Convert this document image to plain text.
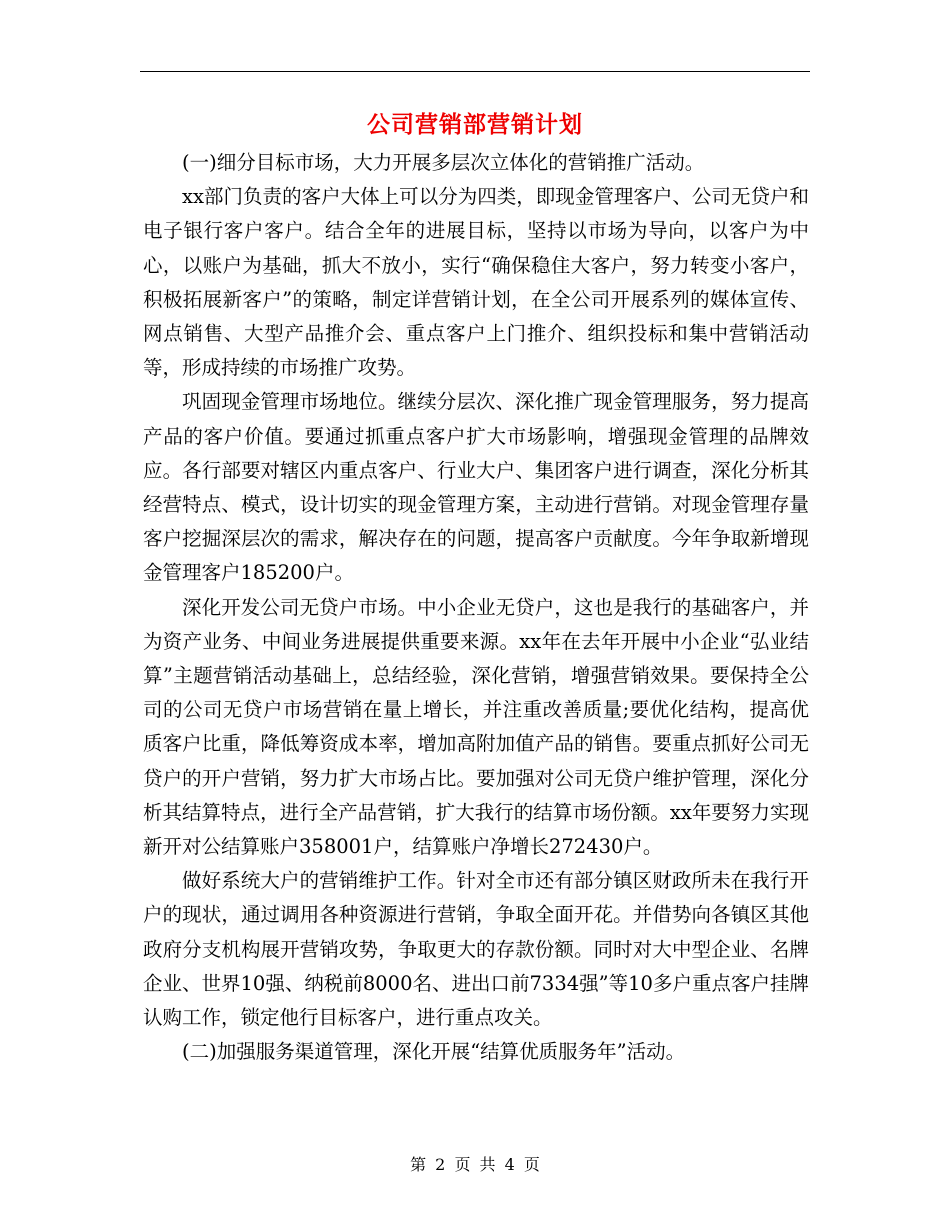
公司营销部营销计划

(一)细分目标市场，大力开展多层次立体化的营销推广活动。

xx部门负责的客户大体上可以分为四类，即现金管理客户、公司无贷户和电子银行客户客户。结合全年的进展目标，坚持以市场为导向，以客户为中心，以账户为基础，抓大不放小，实行“确保稳住大客户，努力转变小客户，积极拓展新客户”的策略，制定详营销计划，在全公司开展系列的媒体宣传、网点销售、大型产品推介会、重点客户上门推介、组织投标和集中营销活动等，形成持续的市场推广攻势。

巩固现金管理市场地位。继续分层次、深化推广现金管理服务，努力提高产品的客户价值。要通过抓重点客户扩大市场影响，增强现金管理的品牌效应。各行部要对辖区内重点客户、行业大户、集团客户进行调查，深化分析其经营特点、模式，设计切实的现金管理方案，主动进行营销。对现金管理存量客户挖掘深层次的需求，解决存在的问题，提高客户贡献度。今年争取新增现金管理客户185200户。

深化开发公司无贷户市场。中小企业无贷户，这也是我行的基础客户，并为资产业务、中间业务进展提供重要来源。xx年在去年开展中小企业“弘业结算”主题营销活动基础上，总结经验，深化营销，增强营销效果。要保持全公司的公司无贷户市场营销在量上增长，并注重改善质量;要优化结构，提高优质客户比重，降低筹资成本率，增加高附加值产品的销售。要重点抓好公司无贷户的开户营销，努力扩大市场占比。要加强对公司无贷户维护管理，深化分析其结算特点，进行全产品营销，扩大我行的结算市场份额。xx年要努力实现新开对公结算账户358001户，结算账户净增长272430户。

做好系统大户的营销维护工作。针对全市还有部分镇区财政所未在我行开户的现状，通过调用各种资源进行营销，争取全面开花。并借势向各镇区其他政府分支机构展开营销攻势，争取更大的存款份额。同时对大中型企业、名牌企业、世界10强、纳税前8000名、进出口前7334强”等10多户重点客户挂牌认购工作，锁定他行目标客户，进行重点攻关。

(二)加强服务渠道管理，深化开展“结算优质服务年”活动。

第 2 页 共 4 页
